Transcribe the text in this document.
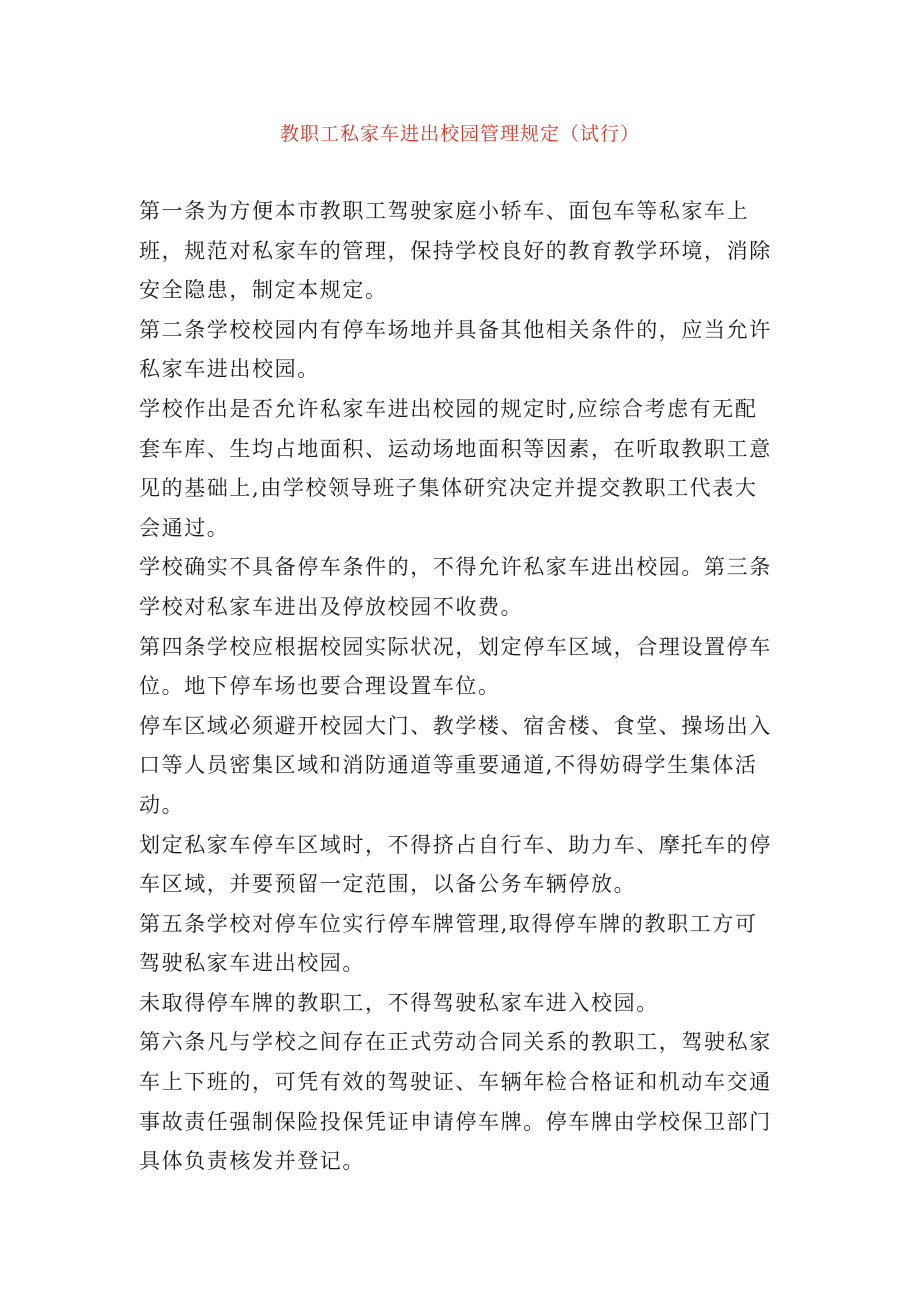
教职工私家车进出校园管理规定（试行）

第一条为方便本市教职工驾驶家庭小轿车、面包车等私家车上班，规范对私家车的管理，保持学校良好的教育教学环境，消除安全隐患，制定本规定。

第二条学校校园内有停车场地并具备其他相关条件的，应当允许私家车进出校园。

学校作出是否允许私家车进出校园的规定时,应综合考虑有无配套车库、生均占地面积、运动场地面积等因素，在听取教职工意见的基础上,由学校领导班子集体研究决定并提交教职工代表大会通过。

学校确实不具备停车条件的，不得允许私家车进出校园。第三条学校对私家车进出及停放校园不收费。

第四条学校应根据校园实际状况，划定停车区域，合理设置停车位。地下停车场也要合理设置车位。

停车区域必须避开校园大门、教学楼、宿舍楼、食堂、操场出入口等人员密集区域和消防通道等重要通道,不得妨碍学生集体活动。

划定私家车停车区域时，不得挤占自行车、助力车、摩托车的停车区域，并要预留一定范围，以备公务车辆停放。

第五条学校对停车位实行停车牌管理,取得停车牌的教职工方可驾驶私家车进出校园。

未取得停车牌的教职工，不得驾驶私家车进入校园。

第六条凡与学校之间存在正式劳动合同关系的教职工，驾驶私家车上下班的，可凭有效的驾驶证、车辆年检合格证和机动车交通事故责任强制保险投保凭证申请停车牌。停车牌由学校保卫部门具体负责核发并登记。
